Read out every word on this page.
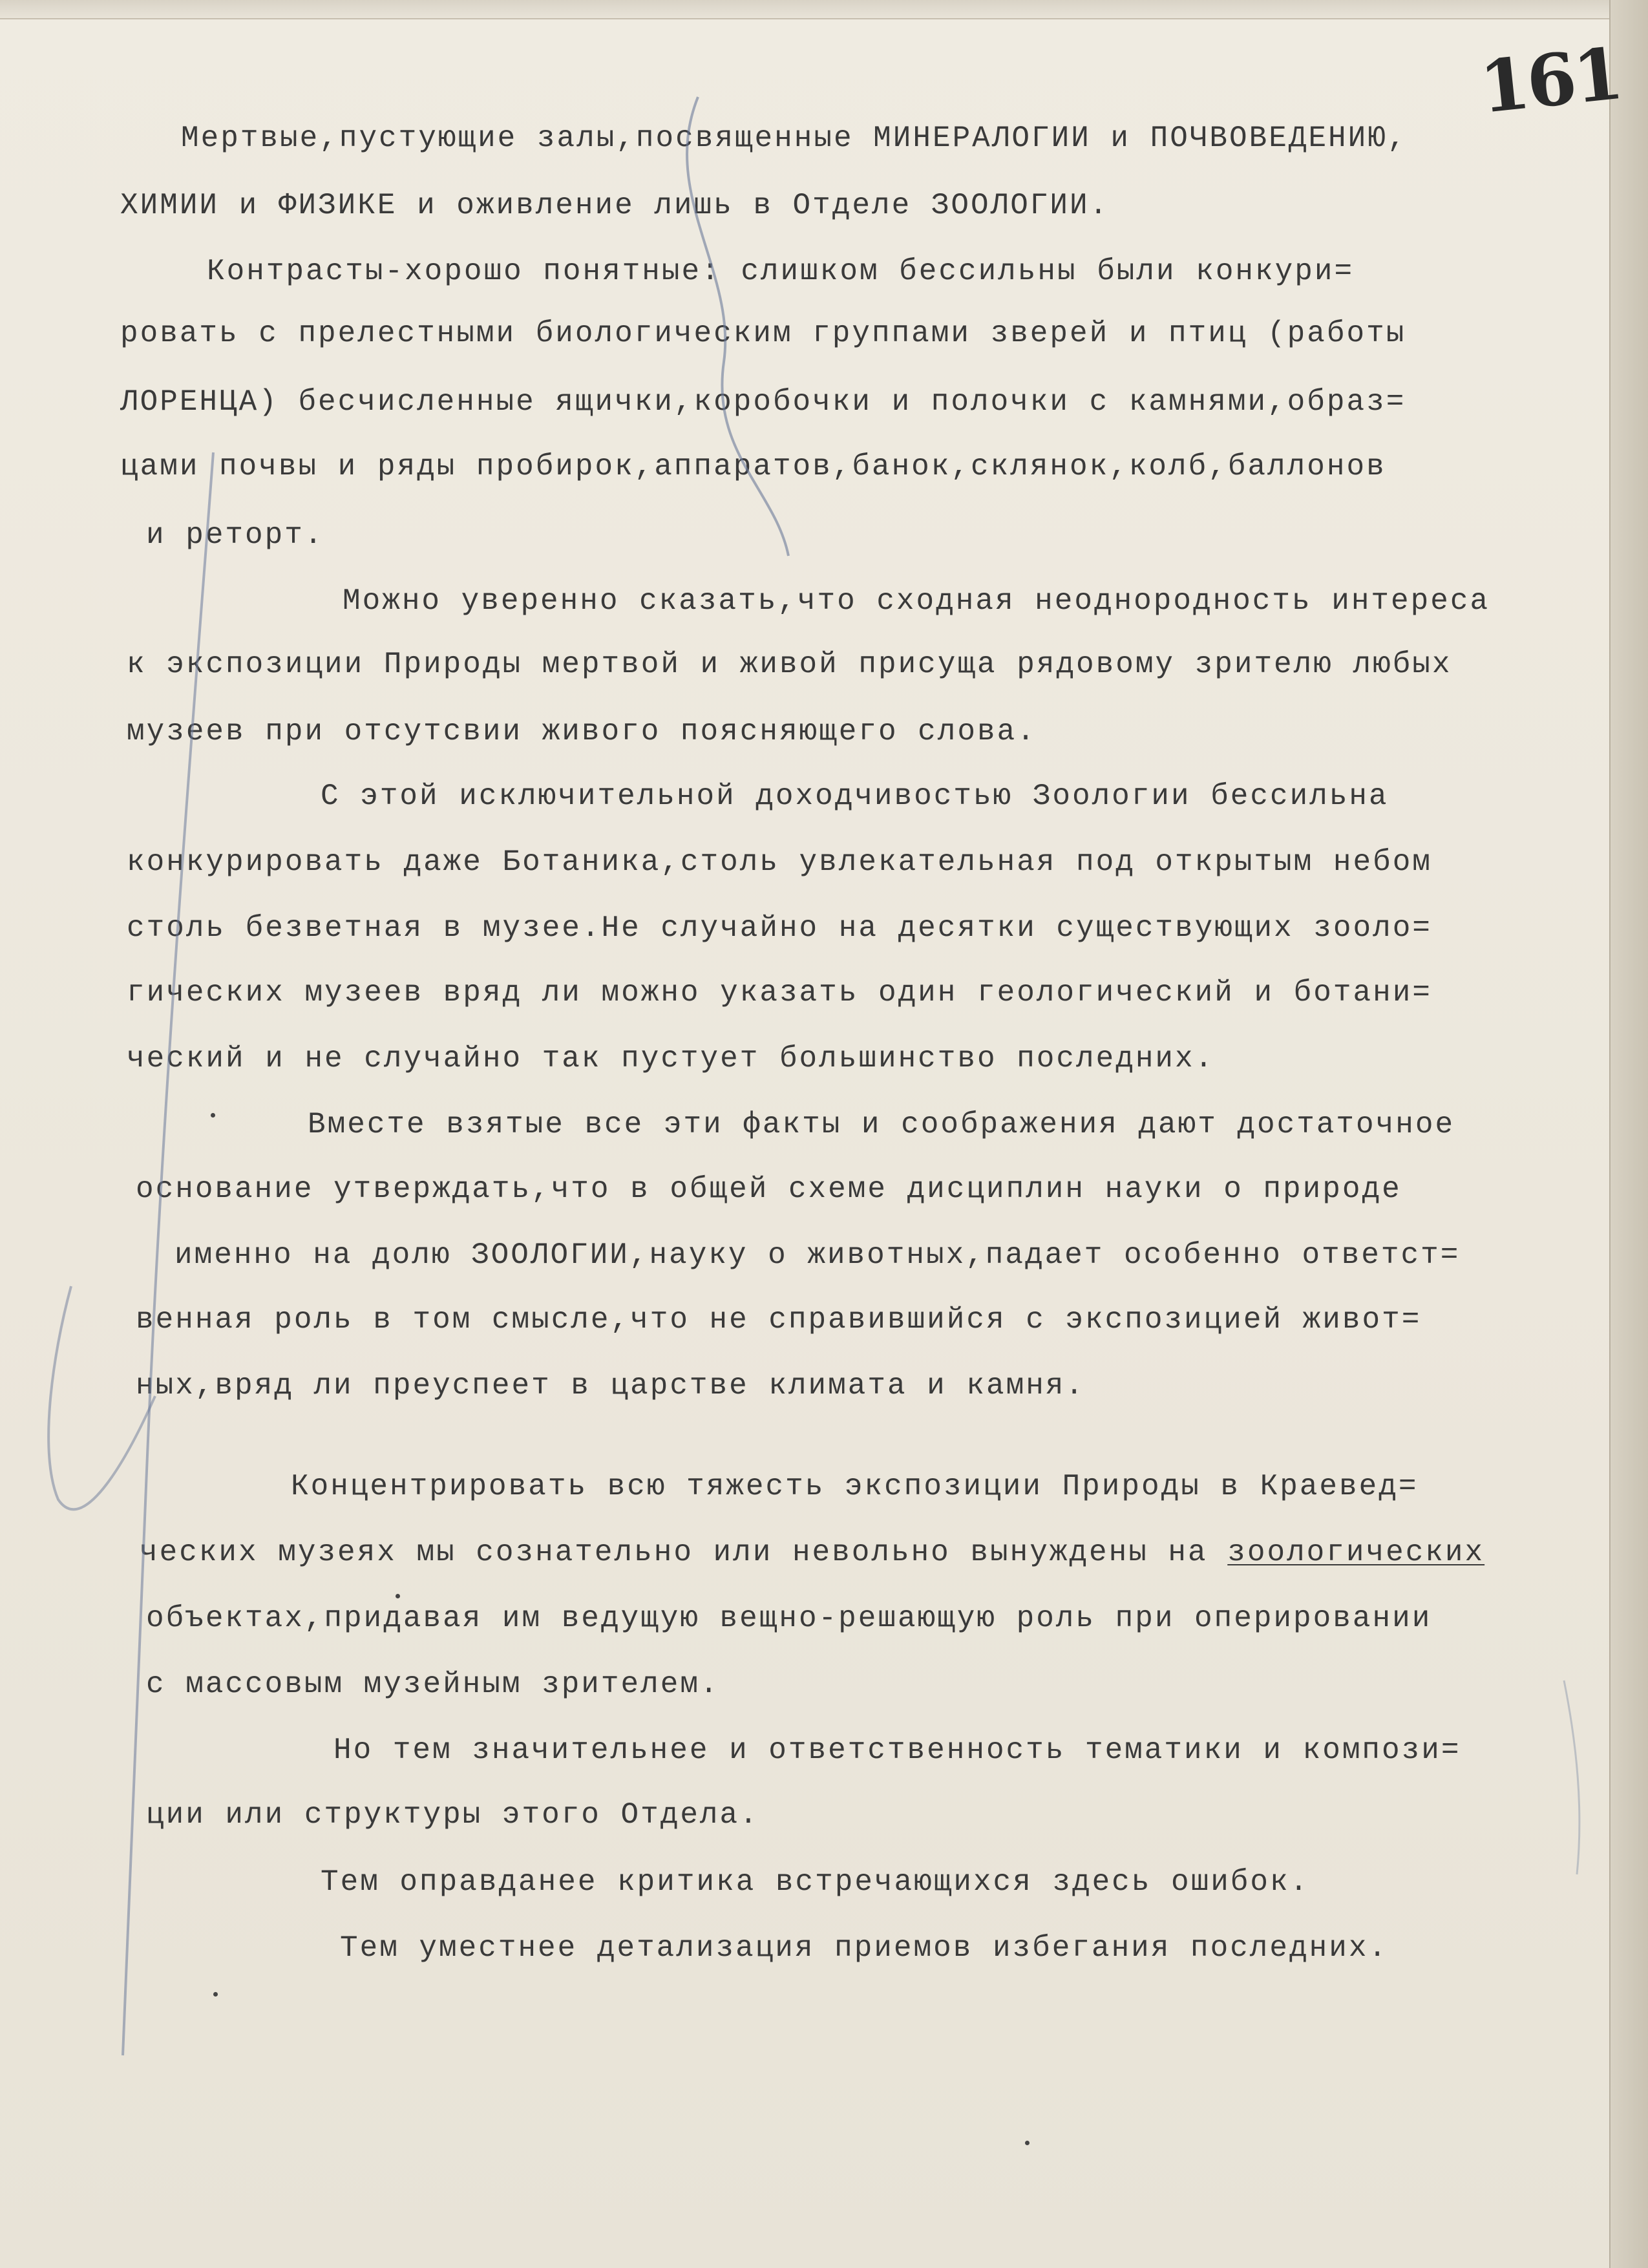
161
Мертвые,пустующие залы,посвященные МИНЕРАЛОГИИ и ПОЧВОВЕДЕНИЮ,
ХИМИИ и ФИЗИКЕ и оживление лишь в Отделе ЗООЛОГИИ.
Контрасты-хорошо понятные: слишком бессильны были конкури=
ровать с прелестными биологическим группами зверей и птиц (работы
ЛОРЕНЦА) бесчисленные ящички,коробочки и полочки с камнями,образ=
цами почвы и ряды пробирок,аппаратов,банок,склянок,колб,баллонов
и реторт.
Можно уверенно сказать,что сходная неоднородность интереса
к экспозиции Природы мертвой и живой присуща рядовому зрителю любых
музеев при отсутсвии живого поясняющего слова.
С этой исключительной доходчивостью Зоологии бессильна
конкурировать даже Ботаника,столь увлекательная под открытым небом
столь безветная в музее.Не случайно на десятки существующих зооло=
гических музеев вряд ли можно указать один геологический и ботани=
ческий и не случайно так пустует большинство последних.
Вместе взятые все эти факты и соображения дают достаточное
основание утверждать,что в общей схеме дисциплин науки о природе
именно на долю ЗООЛОГИИ,науку о животных,падает особенно ответст=
венная роль в том смысле,что не справившийся с экспозицией живот=
ных,вряд ли преуспеет в царстве климата и камня.
Концентрировать всю тяжесть экспозиции Природы в Краевед=
ческих музеях мы сознательно или невольно вынуждены на зоологических
объектах,придавая им ведущую вещно-решающую роль при оперировании
с массовым музейным зрителем.
Но тем значительнее и ответственность тематики и компози=
ции или структуры этого Отдела.
Тем оправданее критика встречающихся здесь ошибок.
Тем уместнее детализация приемов избегания последних.
